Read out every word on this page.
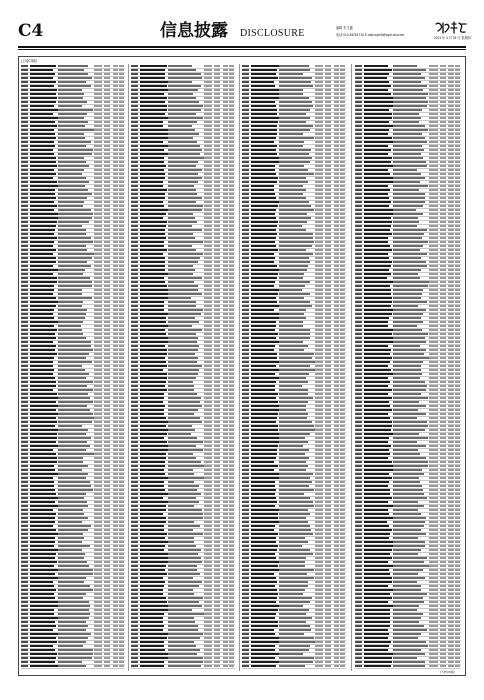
C4	信息披露 DISCLOSURE	编辑 朱文鑫
电话:010-83251716 E-mail:zqrb9@zqrb.sina.net
2021 年 4 月 29 日 星期四
(上接C3版)
(下转C5版)
